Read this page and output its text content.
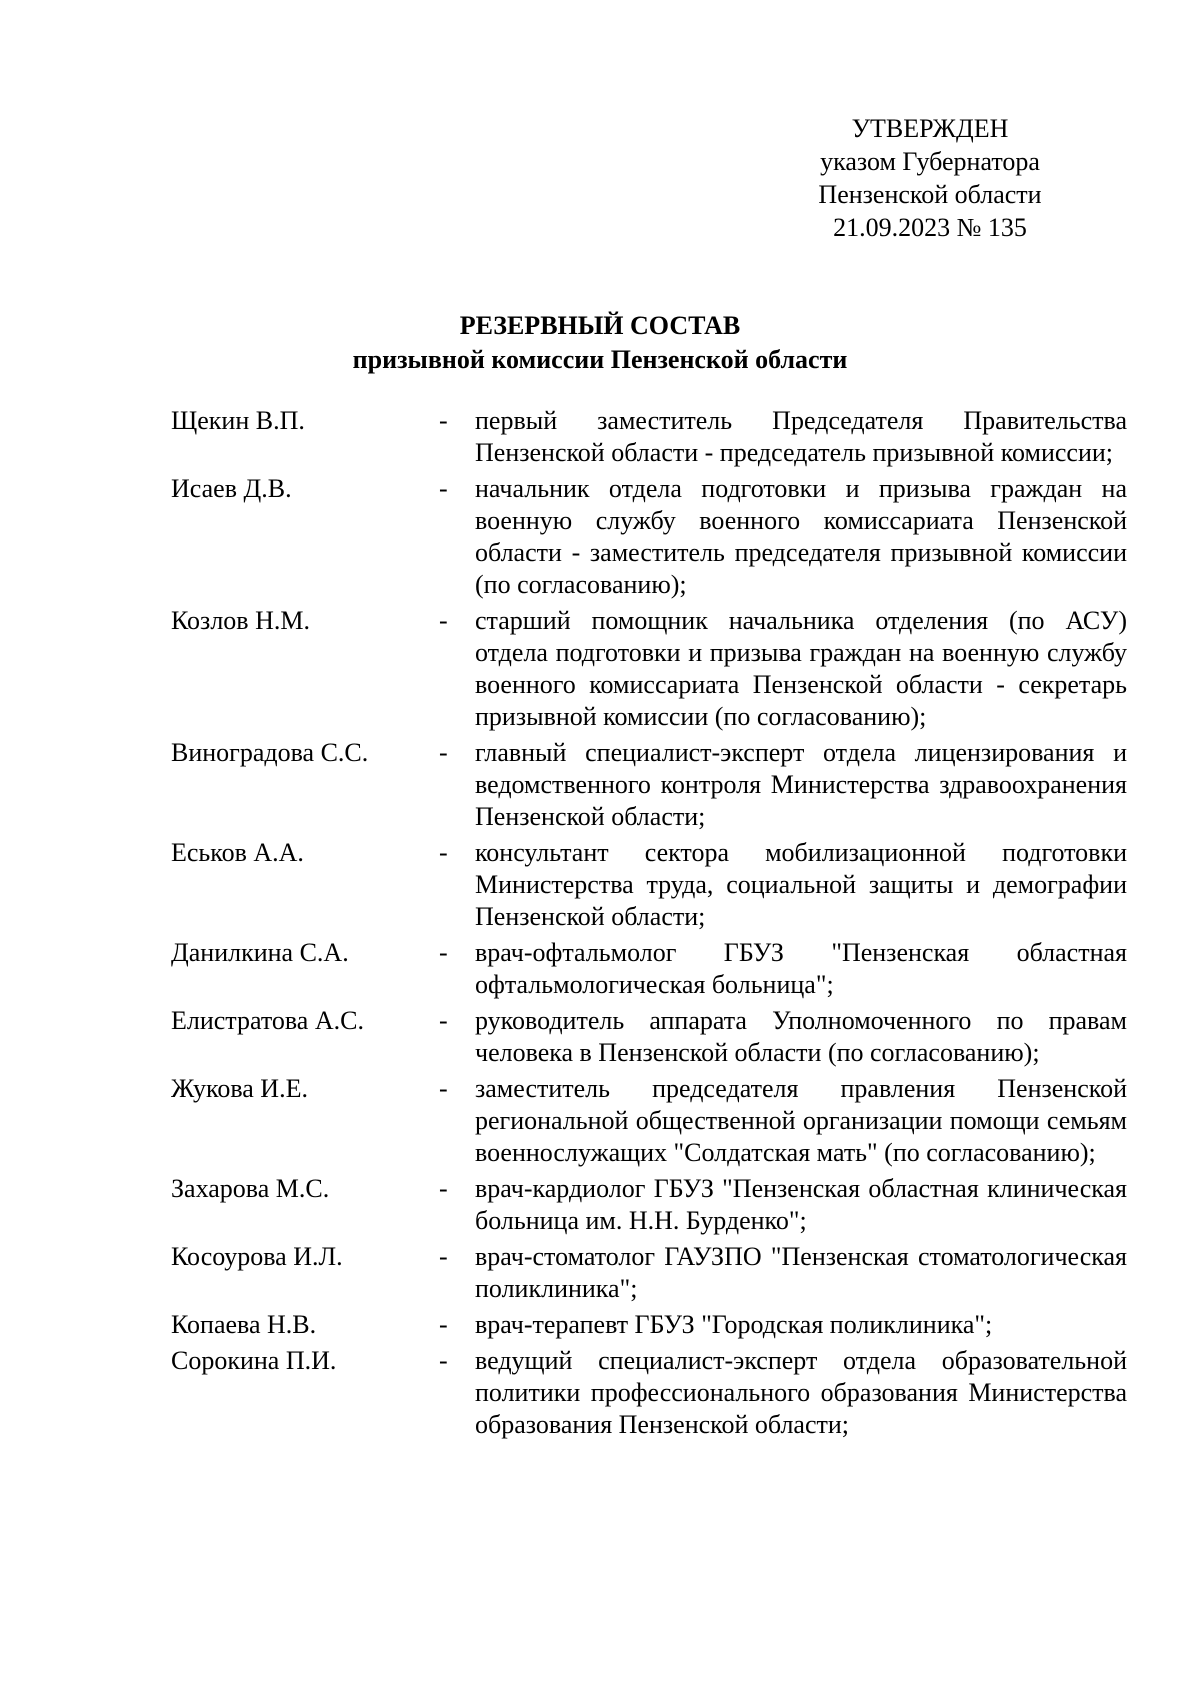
УТВЕРЖДЕН
указом Губернатора
Пензенской области
21.09.2023 № 135
РЕЗЕРВНЫЙ СОСТАВ
призывной комиссии Пензенской области
Щекин В.П.	-	первый заместитель Председателя Правительства Пензенской области - председатель призывной комиссии;
Исаев Д.В.	-	начальник отдела подготовки и призыва граждан на военную службу военного комиссариата Пензенской области - заместитель председателя призывной комиссии (по согласованию);
Козлов Н.М.	-	старший помощник начальника отделения (по АСУ) отдела подготовки и призыва граждан на военную службу военного комиссариата Пензенской области - секретарь призывной комиссии (по согласованию);
Виноградова С.С.	-	главный специалист-эксперт отдела лицензирования и ведомственного контроля Министерства здравоохранения Пензенской области;
Еськов А.А.	-	консультант сектора мобилизационной подготовки Министерства труда, социальной защиты и демографии Пензенской области;
Данилкина С.А.	-	врач-офтальмолог ГБУЗ "Пензенская областная офтальмологическая больница";
Елистратова А.С.	-	руководитель аппарата Уполномоченного по правам человека в Пензенской области (по согласованию);
Жукова И.Е.	-	заместитель председателя правления Пензенской региональной общественной организации помощи семьям военнослужащих "Солдатская мать" (по согласованию);
Захарова М.С.	-	врач-кардиолог ГБУЗ "Пензенская областная клиническая больница им. Н.Н. Бурденко";
Косоурова И.Л.	-	врач-стоматолог ГАУЗПО "Пензенская стоматологическая поликлиника";
Копаева Н.В.	-	врач-терапевт ГБУЗ "Городская поликлиника";
Сорокина П.И.	-	ведущий специалист-эксперт отдела образовательной политики профессионального образования Министерства образования Пензенской области;
